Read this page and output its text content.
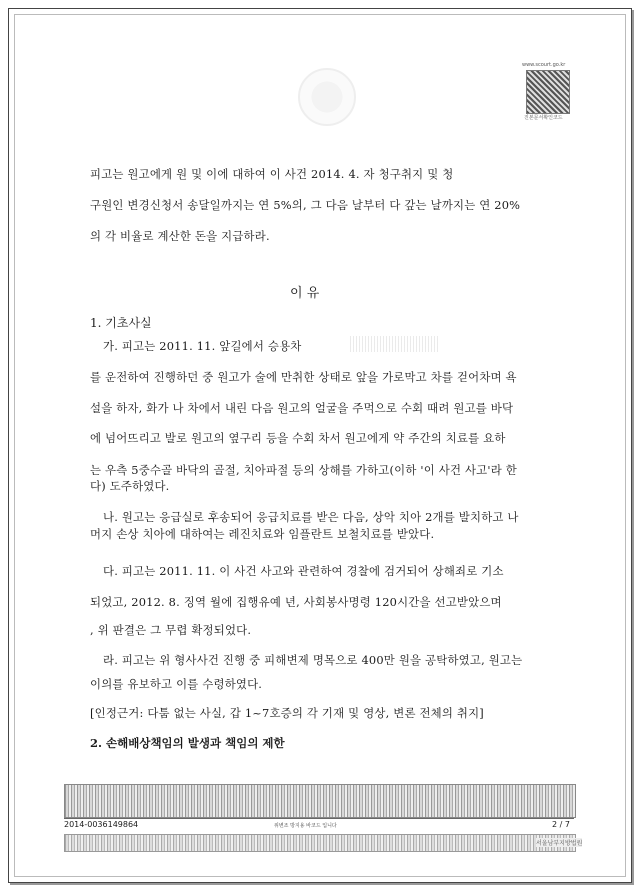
www.scourt.go.kr
진본문서확인코드
피고는 원고에게 원 및 이에 대하여 이 사건 2014. 4. 자 청구취지 및 청
구원인 변경신청서 송달일까지는 연 5%의, 그 다음 날부터 다 갚는 날까지는 연 20%
의 각 비율로 계산한 돈을 지급하라.
이 유
1. 기초사실
가. 피고는 2011. 11. 앞길에서 승용차
를 운전하여 진행하던 중 원고가 술에 만취한 상태로 앞을 가로막고 차를 걷어차며 욕
설을 하자, 화가 나 차에서 내린 다음 원고의 얼굴을 주먹으로 수회 때려 원고를 바닥
에 넘어뜨리고 발로 원고의 옆구리 등을 수회 차서 원고에게 약 주간의 치료를 요하
는 우측 5중수골 바닥의 골절, 치아파절 등의 상해를 가하고(이하 '이 사건 사고'라 한
다) 도주하였다.
나. 원고는 응급실로 후송되어 응급치료를 받은 다음, 상악 치아 2개를 발치하고 나
머지 손상 치아에 대하여는 레진치료와 임플란트 보철치료를 받았다.
다. 피고는 2011. 11. 이 사건 사고와 관련하여 경찰에 검거되어 상해죄로 기소
되었고, 2012. 8. 징역 월에 집행유예 년, 사회봉사명령 120시간을 선고받았으며
, 위 판결은 그 무렵 확정되었다.
라. 피고는 위 형사사건 진행 중 피해변제 명목으로 400만 원을 공탁하였고, 원고는
이의를 유보하고 이를 수령하였다.
[인정근거: 다툼 없는 사실, 갑 1~7호증의 각 기재 및 영상, 변론 전체의 취지]
2. 손해배상책임의 발생과 책임의 제한
2014-0036149864	위변조 방지용 바코드 입니다	2 / 7
서울남부지방법원
